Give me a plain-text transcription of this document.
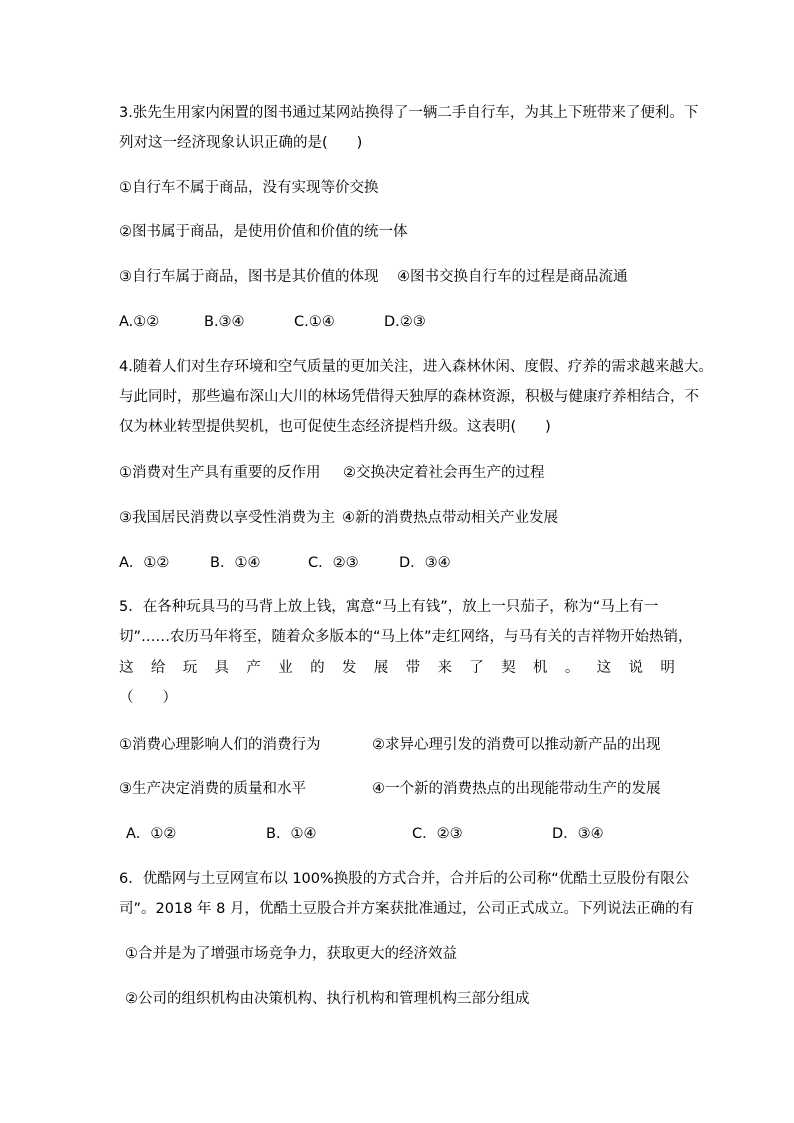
3.张先生用家内闲置的图书通过某网站换得了一辆二手自行车，为其上下班带来了便利。下
列对这一经济现象认识正确的是(　　)
①自行车不属于商品，没有实现等价交换
②图书属于商品，是使用价值和价值的统一体
③自行车属于商品，图书是其价值的体现 ④图书交换自行车的过程是商品流通
A.①②	B.③④	C.①④	D.②③
4.随着人们对生存环境和空气质量的更加关注，进入森林休闲、度假、疗养的需求越来越大。
与此同时，那些遍布深山大川的林场凭借得天独厚的森林资源，积极与健康疗养相结合，不
仅为林业转型提供契机，也可促使生态经济提档升级。这表明(　　)
①消费对生产具有重要的反作用 ②交换决定着社会再生产的过程
③我国居民消费以享受性消费为主 ④新的消费热点带动相关产业发展
A．①②	B．①④	C．②③	D．③④
5．在各种玩具马的马背上放上钱，寓意“马上有钱”，放上一只茄子，称为“马上有一
切”……农历马年将至，随着众多版本的“马上体”走红网络，与马有关的吉祥物开始热销，
这 给 玩 具 产 业 的 发 展 带 来 了 契 机 。 这 说 明
（　　）
①消费心理影响人们的消费行为	②求异心理引发的消费可以推动新产品的出现
③生产决定消费的质量和水平	④一个新的消费热点的出现能带动生产的发展
A．①②	B．①④	C．②③	D．③④
6．优酷网与土豆网宣布以 100%换股的方式合并，合并后的公司称“优酷土豆股份有限公
司”。2018 年 8 月，优酷土豆股合并方案获批准通过，公司正式成立。下列说法正确的有
①合并是为了增强市场竞争力，获取更大的经济效益
②公司的组织机构由决策机构、执行机构和管理机构三部分组成
